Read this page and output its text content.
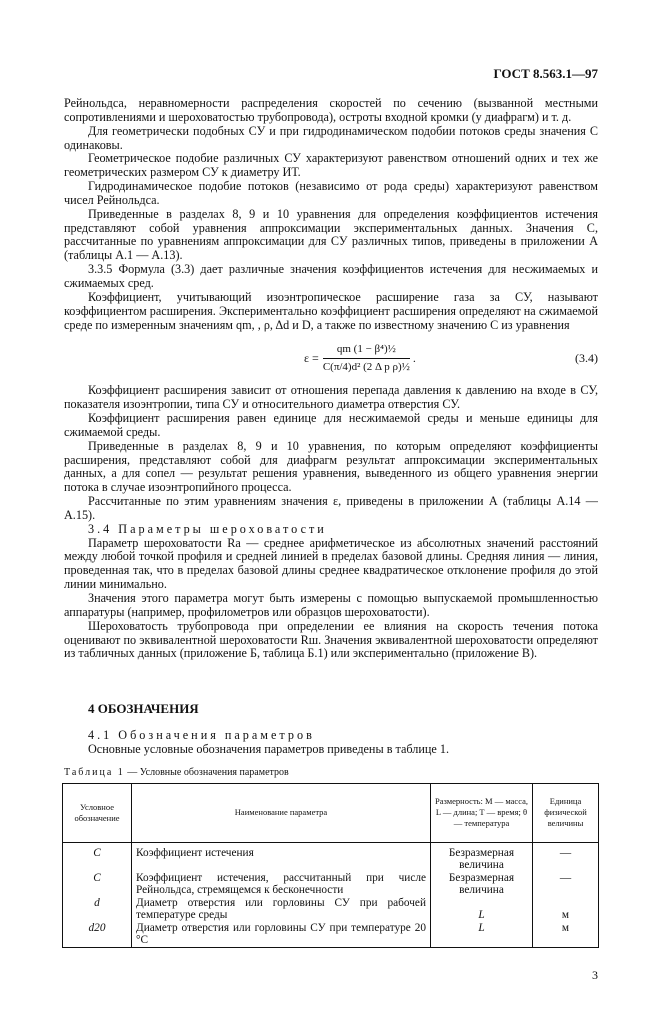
ГОСТ 8.563.1—97

Рейнольдса, неравномерности распределения скоростей по сечению (вызванной местными сопротивлениями и шероховатостью трубопровода), остроты входной кромки (у диафрагм) и т. д.

Для геометрически подобных СУ и при гидродинамическом подобии потоков среды значения C одинаковы.

Геометрическое подобие различных СУ характеризуют равенством отношений одних и тех же геометрических размером СУ к диаметру ИТ.

Гидродинамическое подобие потоков (независимо от рода среды) характеризуют равенством чисел Рейнольдса.

Приведенные в разделах 8, 9 и 10 уравнения для определения коэффициентов истечения представляют собой уравнения аппроксимации экспериментальных данных. Значения C, рассчитанные по уравнениям аппроксимации для СУ различных типов, приведены в приложении А (таблицы А.1 — А.13).

3.3.5 Формула (3.3) дает различные значения коэффициентов истечения для несжимаемых и сжимаемых сред.

Коэффициент, учитывающий изоэнтропическое расширение газа за СУ, называют коэффициентом расширения. Экспериментально коэффициент расширения определяют на сжимаемой среде по измеренным значениям qm, , ρ, Δd и D, а также по известному значению C из уравнения

$\varepsilon = \frac{\text{qm (1 − β⁴)½}}{\text{C(π/4)d² (2 Δ p ρ)½}}$ .	(3.4)

Коэффициент расширения зависит от отношения перепада давления к давлению на входе в СУ, показателя изоэнтропии, типа СУ и относительного диаметра отверстия СУ.

Коэффициент расширения равен единице для несжимаемой среды и меньше единицы для сжимаемой среды.

Приведенные в разделах 8, 9 и 10 уравнения, по которым определяют коэффициенты расширения, представляют собой для диафрагм результат аппроксимации экспериментальных данных, а для сопел — результат решения уравнения, выведенного из общего уравнения энергии потока в случае изоэнтропийного процесса.

Рассчитанные по этим уравнениям значения ε, приведены в приложении А (таблицы А.14 — А.15).

3.4 Параметры шероховатости

Параметр шероховатости Ra — среднее арифметическое из абсолютных значений расстояний между любой точкой профиля и средней линией в пределах базовой длины. Средняя линия — линия, проведенная так, что в пределах базовой длины среднее квадратическое отклонение профиля до этой линии минимально.

Значения этого параметра могут быть измерены с помощью выпускаемой промышленностью аппаратуры (например, профилометров или образцов шероховатости).

Шероховатость трубопровода при определении ее влияния на скорость течения потока оценивают по эквивалентной шероховатости Rш. Значения эквивалентной шероховатости определяют из табличных данных (приложение Б, таблица Б.1) или экспериментально (приложение В).

4 ОБОЗНАЧЕНИЯ

4.1 Обозначения параметров

Основные условные обозначения параметров приведены в таблице 1.

Таблица 1 — Условные обозначения параметров
Условное обозначение	Наименование параметра	Размерность: M — масса, L — длина; T — время; θ — температура	Единица физической величины
C	Коэффициент истечения	Безразмерная величина	—
C	Коэффициент истечения, рассчитанный при числе Рейнольдса, стремящемся к бесконечности	Безразмерная величина	—
d	Диаметр отверстия или горловины СУ при рабочей температуре среды	L	м
d20	Диаметр отверстия или горловины СУ при температуре 20 °С	L	м
3
